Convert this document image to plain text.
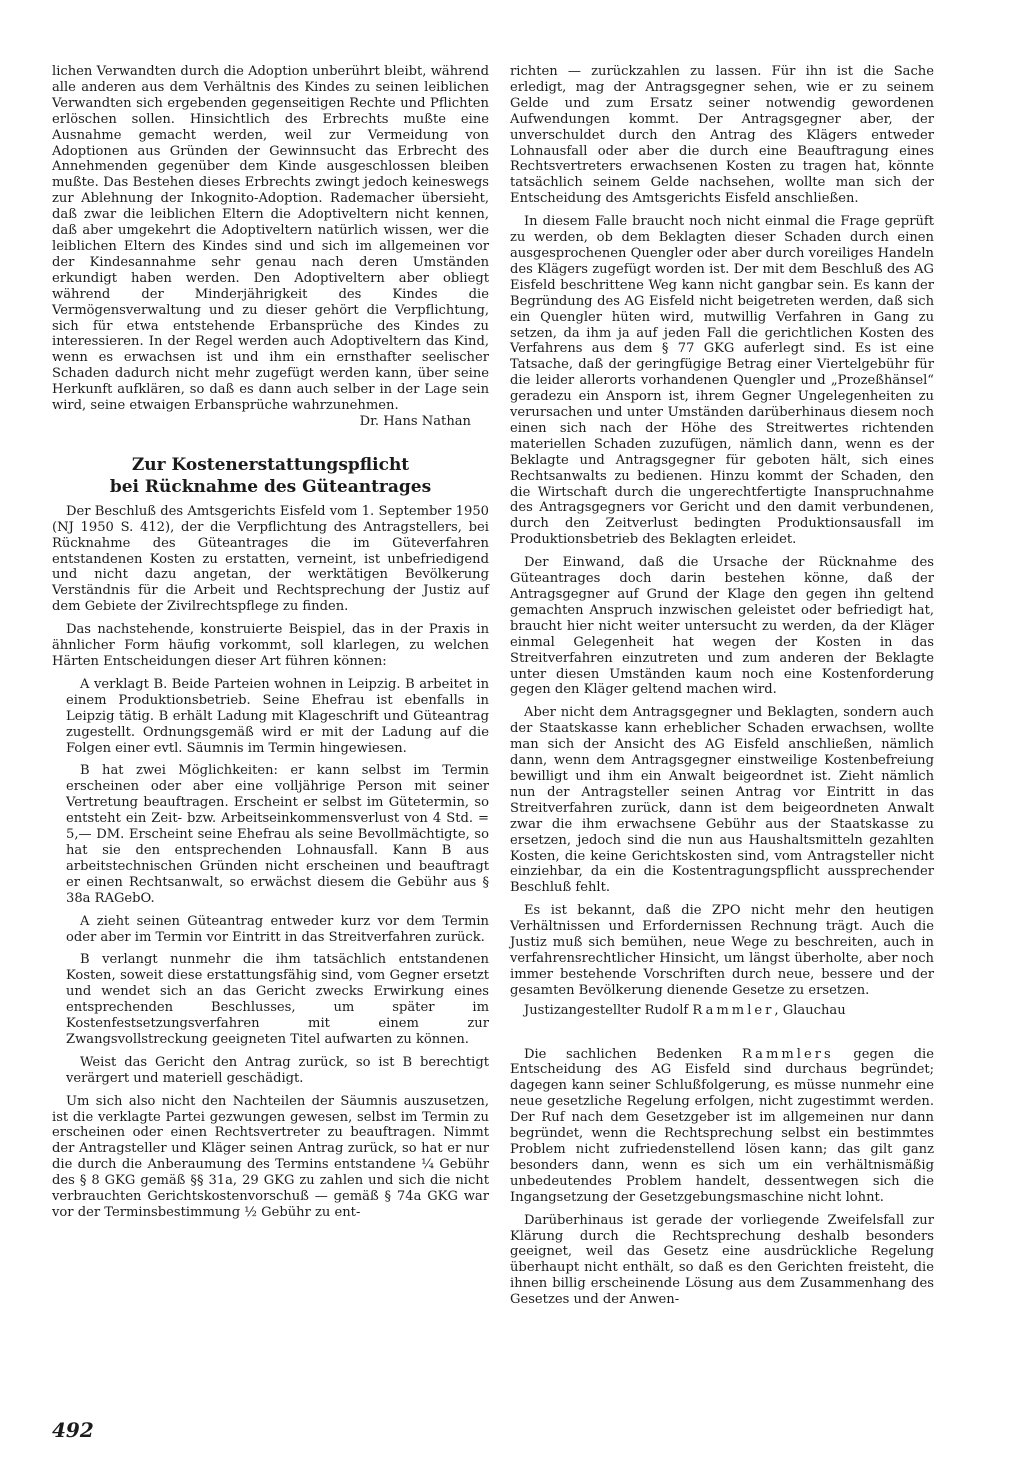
lichen Verwandten durch die Adoption unberührt bleibt, während alle anderen aus dem Verhältnis des Kindes zu seinen leiblichen Verwandten sich ergebenden gegenseitigen Rechte und Pflichten erlöschen sollen. Hinsichtlich des Erbrechts mußte eine Ausnahme gemacht werden, weil zur Vermeidung von Adoptionen aus Gründen der Gewinnsucht das Erbrecht des Annehmenden gegenüber dem Kinde ausgeschlossen bleiben mußte. Das Bestehen dieses Erbrechts zwingt jedoch keineswegs zur Ablehnung der Inkognito-Adoption. Rademacher übersieht, daß zwar die leiblichen Eltern die Adoptiveltern nicht kennen, daß aber umgekehrt die Adoptiveltern natürlich wissen, wer die leiblichen Eltern des Kindes sind und sich im allgemeinen vor der Kindesannahme sehr genau nach deren Umständen erkundigt haben werden. Den Adoptiveltern aber obliegt während der Minderjährigkeit des Kindes die Vermögensverwaltung und zu dieser gehört die Verpflichtung, sich für etwa entstehende Erbansprüche des Kindes zu interessieren. In der Regel werden auch Adoptiveltern das Kind, wenn es erwachsen ist und ihm ein ernsthafter seelischer Schaden dadurch nicht mehr zugefügt werden kann, über seine Herkunft aufklären, so daß es dann auch selber in der Lage sein wird, seine etwaigen Erbansprüche wahrzunehmen.

Dr. Hans Nathan

Zur Kostenerstattungspflicht
bei Rücknahme des Güteantrages

Der Beschluß des Amtsgerichts Eisfeld vom 1. September 1950 (NJ 1950 S. 412), der die Verpflichtung des Antragstellers, bei Rücknahme des Güteantrages die im Güteverfahren entstandenen Kosten zu erstatten, verneint, ist unbefriedigend und nicht dazu angetan, der werktätigen Bevölkerung Verständnis für die Arbeit und Rechtsprechung der Justiz auf dem Gebiete der Zivilrechtspflege zu finden.

Das nachstehende, konstruierte Beispiel, das in der Praxis in ähnlicher Form häufig vorkommt, soll klarlegen, zu welchen Härten Entscheidungen dieser Art führen können:

A verklagt B. Beide Parteien wohnen in Leipzig. B arbeitet in einem Produktionsbetrieb. Seine Ehefrau ist ebenfalls in Leipzig tätig. B erhält Ladung mit Klageschrift und Güteantrag zugestellt. Ordnungsgemäß wird er mit der Ladung auf die Folgen einer evtl. Säumnis im Termin hingewiesen.

B hat zwei Möglichkeiten: er kann selbst im Termin erscheinen oder aber eine volljährige Person mit seiner Vertretung beauftragen. Erscheint er selbst im Gütetermin, so entsteht ein Zeit- bzw. Arbeitseinkommensverlust von 4 Std. = 5,— DM. Erscheint seine Ehefrau als seine Bevollmächtigte, so hat sie den entsprechenden Lohnausfall. Kann B aus arbeitstechnischen Gründen nicht erscheinen und beauftragt er einen Rechtsanwalt, so erwächst diesem die Gebühr aus § 38a RAGebO.

A zieht seinen Güteantrag entweder kurz vor dem Termin oder aber im Termin vor Eintritt in das Streitverfahren zurück.

B verlangt nunmehr die ihm tatsächlich entstandenen Kosten, soweit diese erstattungsfähig sind, vom Gegner ersetzt und wendet sich an das Gericht zwecks Erwirkung eines entsprechenden Beschlusses, um später im Kostenfestsetzungsverfahren mit einem zur Zwangsvollstreckung geeigneten Titel aufwarten zu können.

Weist das Gericht den Antrag zurück, so ist B berechtigt verärgert und materiell geschädigt.

Um sich also nicht den Nachteilen der Säumnis auszusetzen, ist die verklagte Partei gezwungen gewesen, selbst im Termin zu erscheinen oder einen Rechtsvertreter zu beauftragen. Nimmt der Antragsteller und Kläger seinen Antrag zurück, so hat er nur die durch die Anberaumung des Termins entstandene ¼ Gebühr des § 8 GKG gemäß §§ 31a, 29 GKG zu zahlen und sich die nicht verbrauchten Gerichtskostenvorschuß — gemäß § 74a GKG war vor der Terminsbestimmung ½ Gebühr zu ent-

richten — zurückzahlen zu lassen. Für ihn ist die Sache erledigt, mag der Antragsgegner sehen, wie er zu seinem Gelde und zum Ersatz seiner notwendig gewordenen Aufwendungen kommt. Der Antragsgegner aber, der unverschuldet durch den Antrag des Klägers entweder Lohnausfall oder aber die durch eine Beauftragung eines Rechtsvertreters erwachsenen Kosten zu tragen hat, könnte tatsächlich seinem Gelde nachsehen, wollte man sich der Entscheidung des Amtsgerichts Eisfeld anschließen.

In diesem Falle braucht noch nicht einmal die Frage geprüft zu werden, ob dem Beklagten dieser Schaden durch einen ausgesprochenen Quengler oder aber durch voreiliges Handeln des Klägers zugefügt worden ist. Der mit dem Beschluß des AG Eisfeld beschrittene Weg kann nicht gangbar sein. Es kann der Begründung des AG Eisfeld nicht beigetreten werden, daß sich ein Quengler hüten wird, mutwillig Verfahren in Gang zu setzen, da ihm ja auf jeden Fall die gerichtlichen Kosten des Verfahrens aus dem § 77 GKG auferlegt sind. Es ist eine Tatsache, daß der geringfügige Betrag einer Viertelgebühr für die leider allerorts vorhandenen Quengler und „Prozeßhänsel“ geradezu ein Ansporn ist, ihrem Gegner Ungelegenheiten zu verursachen und unter Umständen darüberhinaus diesem noch einen sich nach der Höhe des Streitwertes richtenden materiellen Schaden zuzufügen, nämlich dann, wenn es der Beklagte und Antragsgegner für geboten hält, sich eines Rechtsanwalts zu bedienen. Hinzu kommt der Schaden, den die Wirtschaft durch die ungerechtfertigte Inanspruchnahme des Antragsgegners vor Gericht und den damit verbundenen, durch den Zeitverlust bedingten Produktionsausfall im Produktionsbetrieb des Beklagten erleidet.

Der Einwand, daß die Ursache der Rücknahme des Güteantrages doch darin bestehen könne, daß der Antragsgegner auf Grund der Klage den gegen ihn geltend gemachten Anspruch inzwischen geleistet oder befriedigt hat, braucht hier nicht weiter untersucht zu werden, da der Kläger einmal Gelegenheit hat wegen der Kosten in das Streitverfahren einzutreten und zum anderen der Beklagte unter diesen Umständen kaum noch eine Kostenforderung gegen den Kläger geltend machen wird.

Aber nicht dem Antragsgegner und Beklagten, sondern auch der Staatskasse kann erheblicher Schaden erwachsen, wollte man sich der Ansicht des AG Eisfeld anschließen, nämlich dann, wenn dem Antragsgegner einstweilige Kostenbefreiung bewilligt und ihm ein Anwalt beigeordnet ist. Zieht nämlich nun der Antragsteller seinen Antrag vor Eintritt in das Streitverfahren zurück, dann ist dem beigeordneten Anwalt zwar die ihm erwachsene Gebühr aus der Staatskasse zu ersetzen, jedoch sind die nun aus Haushaltsmitteln gezahlten Kosten, die keine Gerichtskosten sind, vom Antragsteller nicht einziehbar, da ein die Kostentragungspflicht aussprechender Beschluß fehlt.

Es ist bekannt, daß die ZPO nicht mehr den heutigen Verhältnissen und Erfordernissen Rechnung trägt. Auch die Justiz muß sich bemühen, neue Wege zu beschreiten, auch in verfahrensrechtlicher Hinsicht, um längst überholte, aber noch immer bestehende Vorschriften durch neue, bessere und der gesamten Bevölkerung dienende Gesetze zu ersetzen.

Justizangestellter Rudolf Rammler, Glauchau

Die sachlichen Bedenken Rammlers gegen die Entscheidung des AG Eisfeld sind durchaus begründet; dagegen kann seiner Schlußfolgerung, es müsse nunmehr eine neue gesetzliche Regelung erfolgen, nicht zugestimmt werden. Der Ruf nach dem Gesetzgeber ist im allgemeinen nur dann begründet, wenn die Rechtsprechung selbst ein bestimmtes Problem nicht zufriedenstellend lösen kann; das gilt ganz besonders dann, wenn es sich um ein verhältnismäßig unbedeutendes Problem handelt, dessentwegen sich die Ingangsetzung der Gesetzgebungsmaschine nicht lohnt.

Darüberhinaus ist gerade der vorliegende Zweifelsfall zur Klärung durch die Rechtsprechung deshalb besonders geeignet, weil das Gesetz eine ausdrückliche Regelung überhaupt nicht enthält, so daß es den Gerichten freisteht, die ihnen billig erscheinende Lösung aus dem Zusammenhang des Gesetzes und der Anwen-

492
